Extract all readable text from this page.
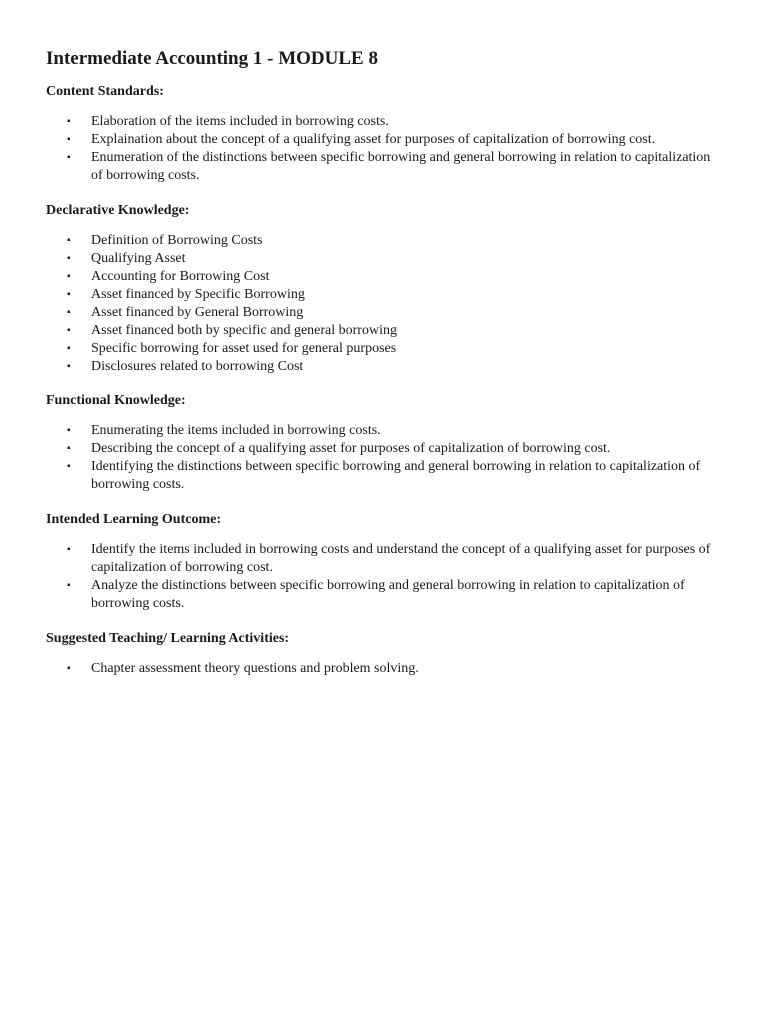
Intermediate Accounting 1 - MODULE 8
Content Standards:
▪ Elaboration of the items included in borrowing costs.
▪ Explaination about the concept of a qualifying asset for purposes of capitalization of borrowing cost.
▪ Enumeration of the distinctions between specific borrowing and general borrowing in relation to capitalization of borrowing costs.
Declarative Knowledge:
▪ Definition of Borrowing Costs
▪ Qualifying Asset
▪ Accounting for Borrowing Cost
▪ Asset financed by Specific Borrowing
▪ Asset financed by General Borrowing
▪ Asset financed both by specific and general borrowing
▪ Specific borrowing for asset used for general purposes
▪ Disclosures related to borrowing Cost
Functional Knowledge:
▪ Enumerating the items included in borrowing costs.
▪ Describing the concept of a qualifying asset for purposes of capitalization of borrowing cost.
▪ Identifying the distinctions between specific borrowing and general borrowing in relation to capitalization of borrowing costs.
Intended Learning Outcome:
▪ Identify the items included in borrowing costs and understand the concept of a qualifying asset for purposes of capitalization of borrowing cost.
▪ Analyze the distinctions between specific borrowing and general borrowing in relation to capitalization of borrowing costs.
Suggested Teaching/ Learning Activities:
▪ Chapter assessment theory questions and problem solving.
